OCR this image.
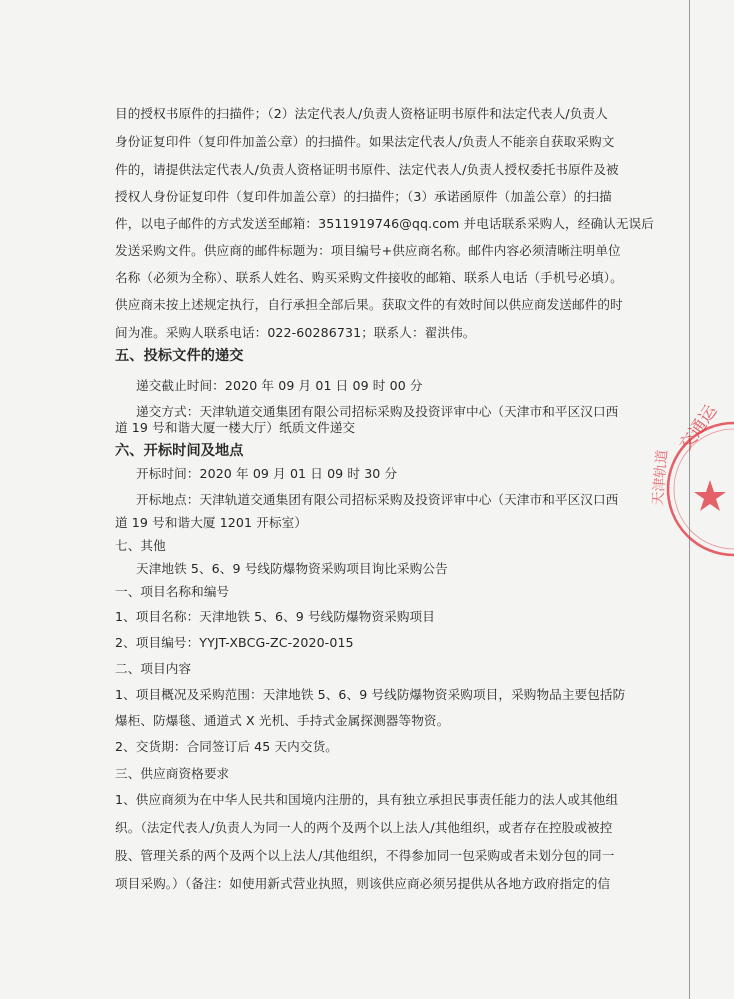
目的授权书原件的扫描件；（2）法定代表人/负责人资格证明书原件和法定代表人/负责人
身份证复印件（复印件加盖公章）的扫描件。如果法定代表人/负责人不能亲自获取采购文
件的，请提供法定代表人/负责人资格证明书原件、法定代表人/负责人授权委托书原件及被
授权人身份证复印件（复印件加盖公章）的扫描件；（3）承诺函原件（加盖公章）的扫描
件，以电子邮件的方式发送至邮箱：3511919746@qq.com 并电话联系采购人，经确认无误后
发送采购文件。供应商的邮件标题为：项目编号+供应商名称。邮件内容必须清晰注明单位
名称（必须为全称）、联系人姓名、购买采购文件接收的邮箱、联系人电话（手机号必填）。
供应商未按上述规定执行，自行承担全部后果。获取文件的有效时间以供应商发送邮件的时
间为准。采购人联系电话：022-60286731；联系人：翟洪伟。
五、投标文件的递交
递交截止时间：2020 年 09 月 01 日 09 时 00 分
递交方式：天津轨道交通集团有限公司招标采购及投资评审中心（天津市和平区汉口西
道 19 号和谐大厦一楼大厅）纸质文件递交
六、开标时间及地点
开标时间：2020 年 09 月 01 日 09 时 30 分
开标地点：天津轨道交通集团有限公司招标采购及投资评审中心（天津市和平区汉口西
道 19 号和谐大厦 1201 开标室）
七、其他
天津地铁 5、6、9 号线防爆物资采购项目询比采购公告
一、项目名称和编号
1、项目名称：天津地铁 5、6、9 号线防爆物资采购项目
2、项目编号：YYJT-XBCG-ZC-2020-015
二、项目内容
1、项目概况及采购范围：天津地铁 5、6、9 号线防爆物资采购项目，采购物品主要包括防
爆柜、防爆毯、通道式 X 光机、手持式金属探测器等物资。
2、交货期：合同签订后 45 天内交货。
三、供应商资格要求
1、供应商须为在中华人民共和国境内注册的，具有独立承担民事责任能力的法人或其他组
织。（法定代表人/负责人为同一人的两个及两个以上法人/其他组织，或者存在控股或被控
股、管理关系的两个及两个以上法人/其他组织，不得参加同一包采购或者未划分包的同一
项目采购。）（备注：如使用新式营业执照，则该供应商必须另提供从各地方政府指定的信
交通运
天津轨道
